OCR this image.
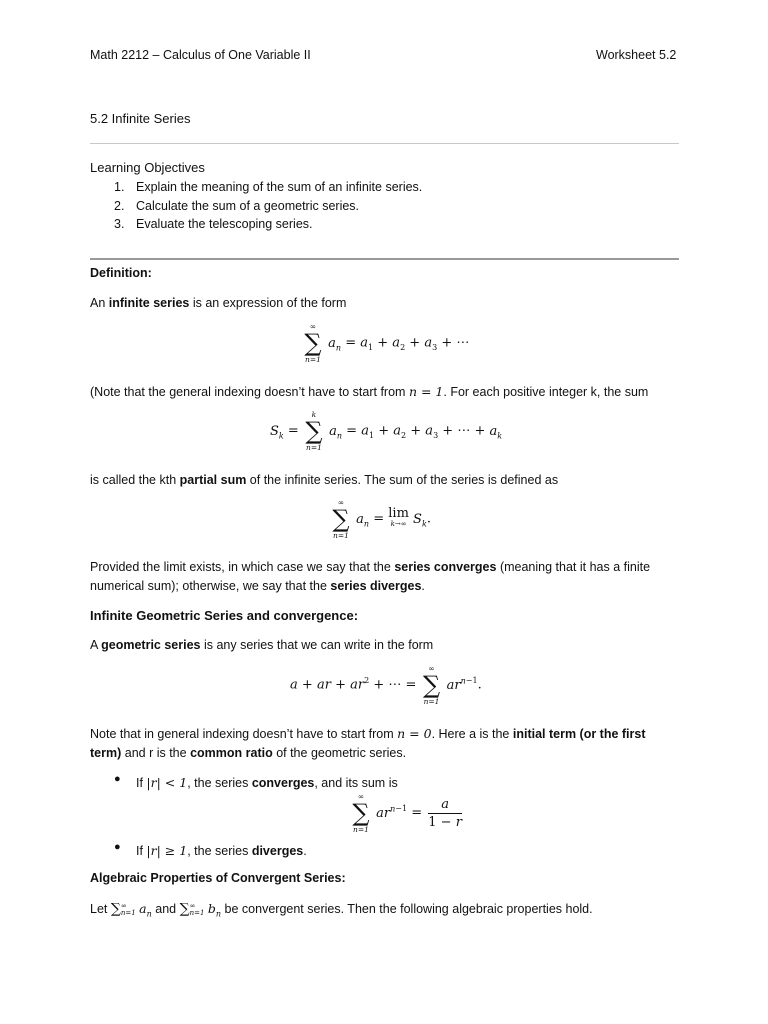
Math 2212 – Calculus of One Variable II	Worksheet 5.2
5.2 Infinite Series
Learning Objectives
1. Explain the meaning of the sum of an infinite series.
2. Calculate the sum of a geometric series.
3. Evaluate the telescoping series.
Definition:

An infinite series is an expression of the form

∞
∑
n=1
$a_n = a_1 + a_2 + a_3$ + ⋯

(Note that the general indexing doesn’t have to start from n = 1. For each positive integer k, the sum

$S_k$ =
k
∑
n=1
$a_n = a_1 + a_2 + a_3$ + ⋯ + $a_k$

is called the kth partial sum of the infinite series. The sum of the series is defined as

∞
∑
n=1
$a_n = \lim$
k→∞ $S_k$.

Provided the limit exists, in which case we say that the series converges (meaning that it has a finite numerical sum); otherwise, we say that the series diverges.

Infinite Geometric Series and convergence:

A geometric series is any series that we can write in the form

a + ar + $ar^2$ + ⋯ =
∞
∑
n=1
$ar^{n-1}$.

Note that in general indexing doesn’t have to start from n = 0. Here a is the initial term (or the first term) and r is the common ratio of the geometric series.

● If |r| < 1, the series converges, and its sum is

∞
∑
n=1
$ar^{n-1} = \frac{a}{1 - r}$
● If |r| ≥ 1, the series diverges.

Algebraic Properties of Convergent Series:

Let ∑ ∞
n=1 $a_n$ and ∑ ∞
n=1 $b_n$ be convergent series. Then the following algebraic properties hold.
